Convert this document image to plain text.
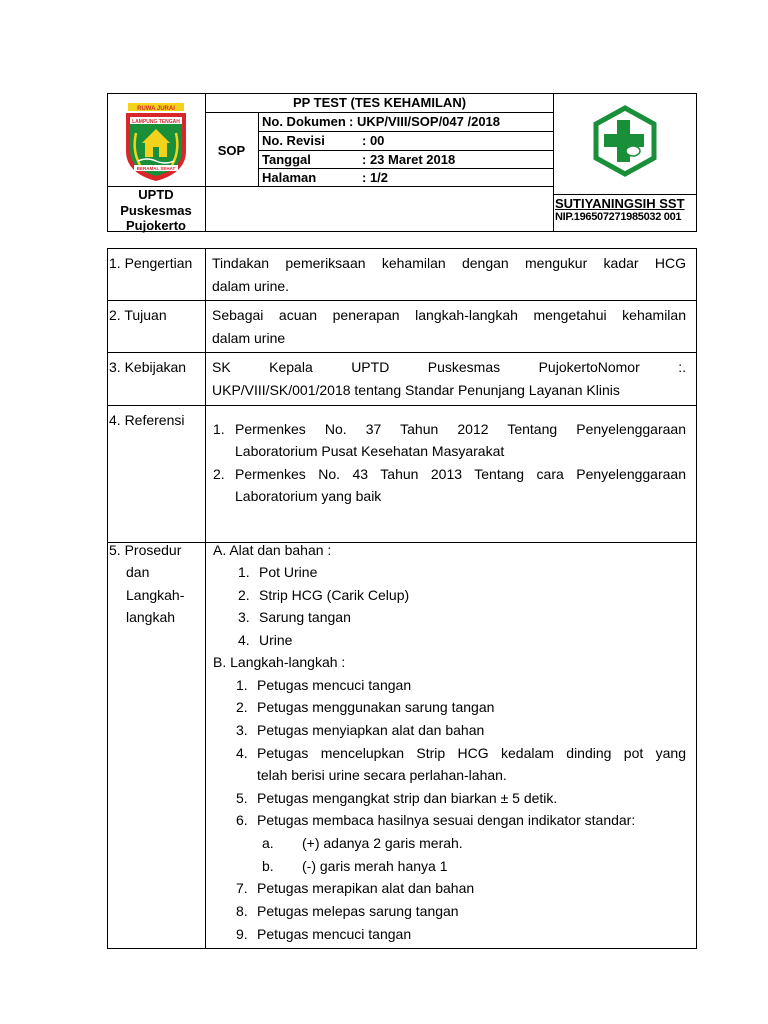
RUWA JURAI
LAMPUNG TENGAH
BERAMAL SEHAT
UPTD
Puskesmas
Pujokerto
PP TEST (TES KEHAMILAN)
SOP
No. Dokumen : UKP/VIII/SOP/047 /2018
No. Revisi	: 00
Tanggal	: 23 Maret 2018
Halaman	: 1/2
SUTIYANINGSIH SST
NIP.196507271985032 001
1. Pengertian Tindakan pemeriksaan kehamilan dengan mengukur kadar HCG
dalam urine.
2. Tujuan	Sebagai acuan penerapan langkah-langkah mengetahui kehamilan
dalam urine
3. Kebijakan SK Kepala UPTD Puskesmas PujokertoNomor :.
UKP/VIII/SK/001/2018 tentang Standar Penunjang Layanan Klinis
4. Referensi
1. Permenkes No. 37 Tahun 2012 Tentang Penyelenggaraan
Laboratorium Pusat Kesehatan Masyarakat
2. Permenkes No. 43 Tahun 2013 Tentang cara Penyelenggaraan
Laboratorium yang baik
5. Prosedur
dan
Langkah-
langkah
A. Alat dan bahan :
1. Pot Urine
2. Strip HCG (Carik Celup)
3. Sarung tangan
4. Urine
B. Langkah-langkah :
1. Petugas mencuci tangan
2. Petugas menggunakan sarung tangan
3. Petugas menyiapkan alat dan bahan
4. Petugas mencelupkan Strip HCG kedalam dinding pot yang
telah berisi urine secara perlahan-lahan.
5. Petugas mengangkat strip dan biarkan ± 5 detik.
6. Petugas membaca hasilnya sesuai dengan indikator standar:
a. (+) adanya 2 garis merah.
b. (-) garis merah hanya 1
7. Petugas merapikan alat dan bahan
8. Petugas melepas sarung tangan
9. Petugas mencuci tangan
